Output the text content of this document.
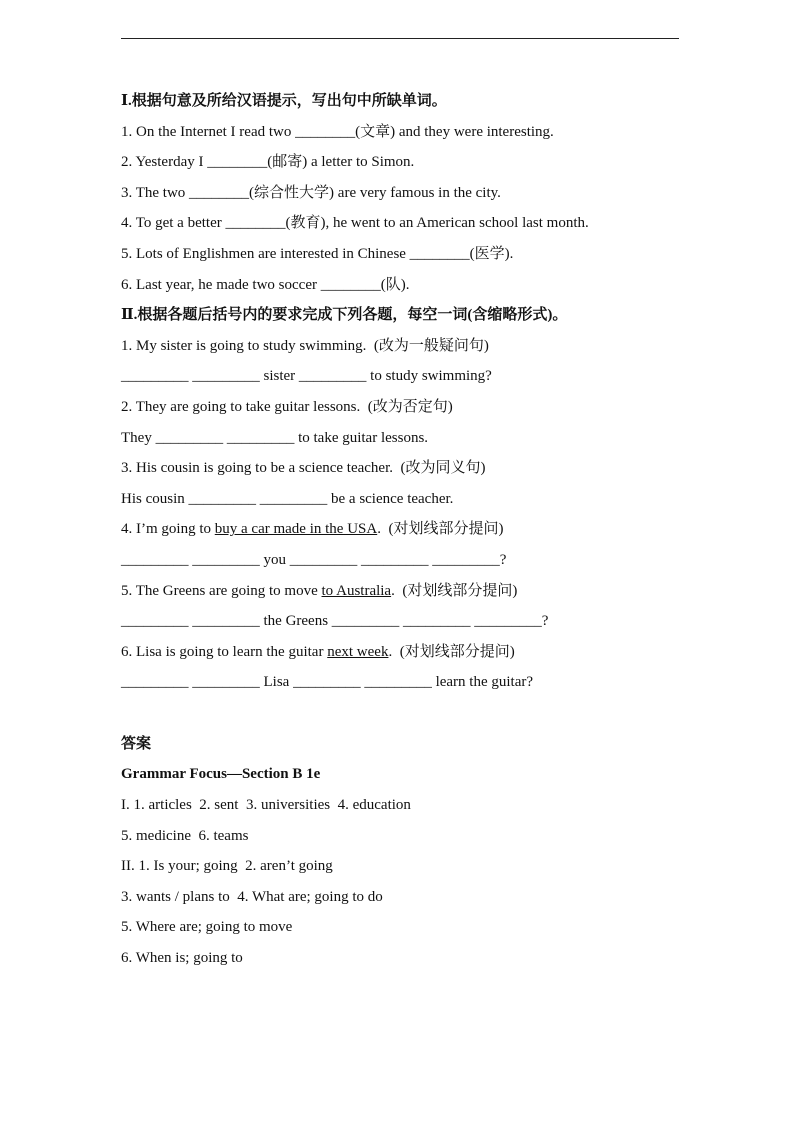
Ⅰ.根据句意及所给汉语提示，写出句中所缺单词。
1. On the Internet I read two ________(文章) and they were interesting.
2. Yesterday I ________(邮寄) a letter to Simon.
3. The two ________(综合性大学) are very famous in the city.
4. To get a better ________(教育), he went to an American school last month.
5. Lots of Englishmen are interested in Chinese ________(医学).
6. Last year, he made two soccer ________(队).
Ⅱ.根据各题后括号内的要求完成下列各题，每空一词(含缩略形式)。
1. My sister is going to study swimming.  (改为一般疑问句)
_________ _________ sister _________ to study swimming?
2. They are going to take guitar lessons.  (改为否定句)
They _________ _________ to take guitar lessons.
3. His cousin is going to be a science teacher.  (改为同义句)
His cousin _________ _________ be a science teacher.
4. I’m going to buy a car made in the USA.  (对划线部分提问)
_________ _________ you _________ _________ _________?
5. The Greens are going to move to Australia.  (对划线部分提问)
_________ _________ the Greens _________ _________ _________?
6. Lisa is going to learn the guitar next week.  (对划线部分提问)
_________ _________ Lisa _________ _________ learn the guitar?
答案
Grammar Focus—Section B 1e
I. 1. articles  2. sent  3. universities  4. education
5. medicine  6. teams
II. 1. Is your; going  2. aren’t going
3. wants / plans to  4. What are; going to do
5. Where are; going to move
6. When is; going to
